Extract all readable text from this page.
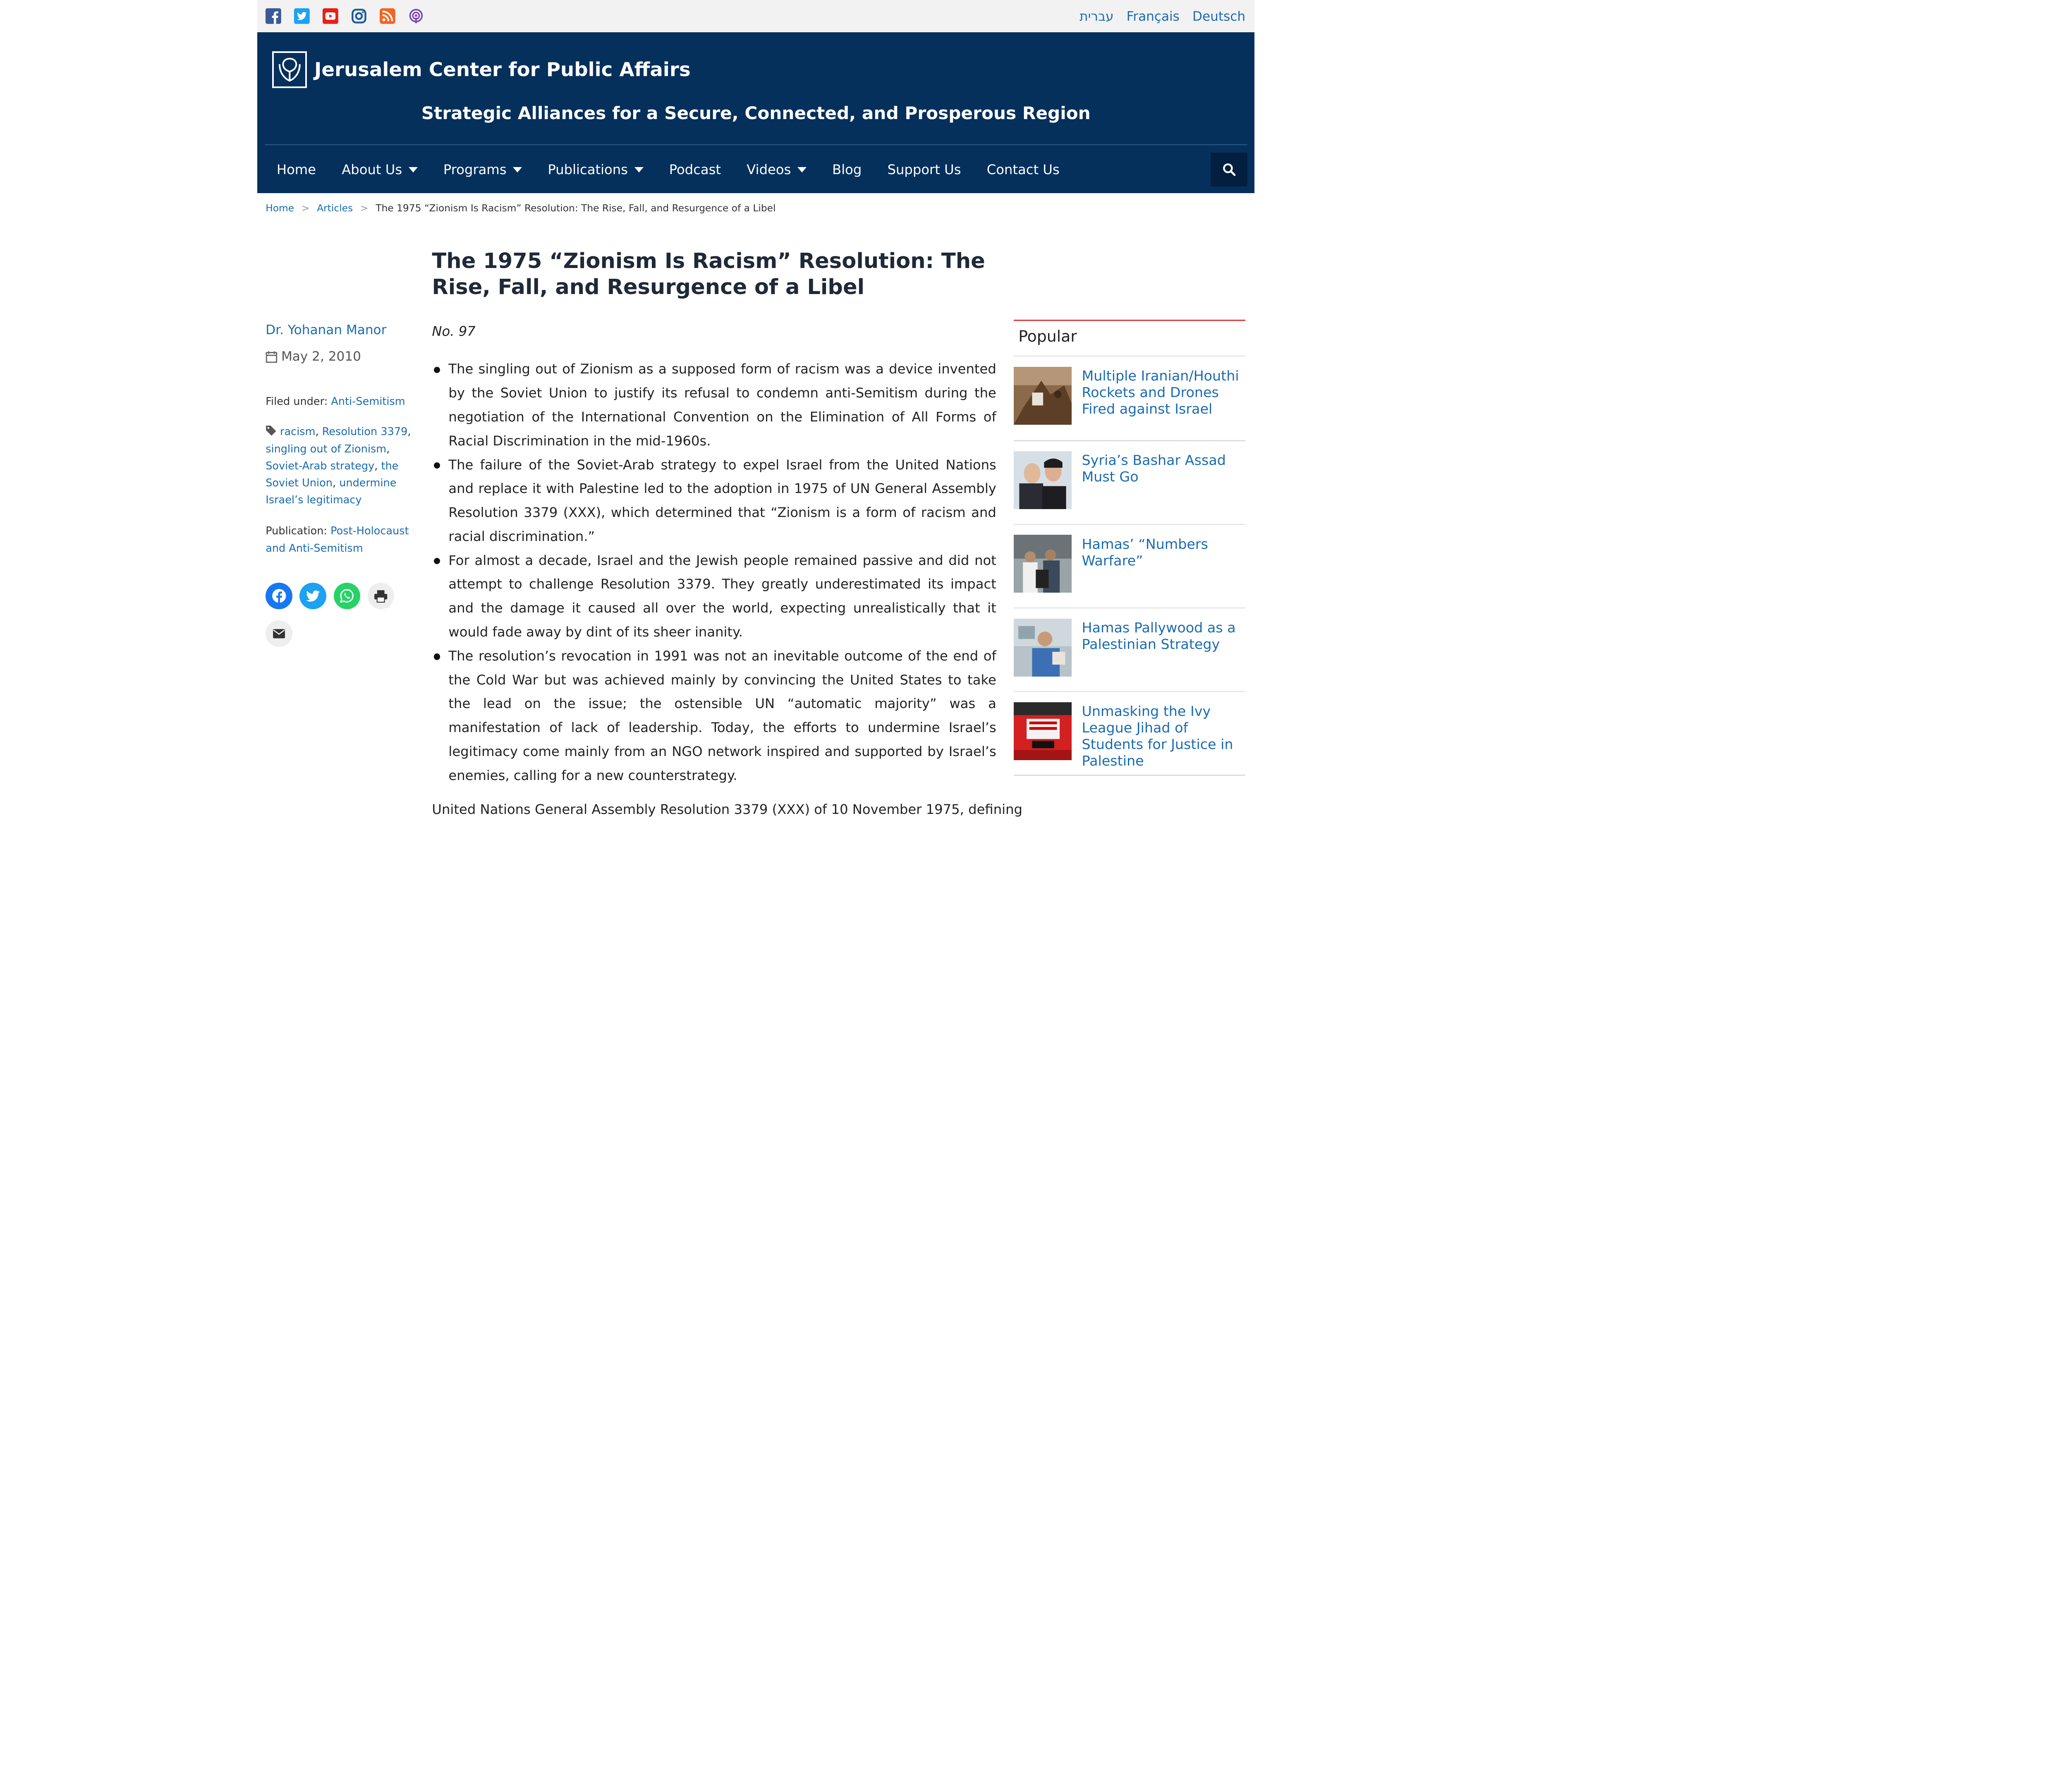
עברית Français Deutsch
Jerusalem Center for Public Affairs
Strategic Alliances for a Secure, Connected, and Prosperous Region
Home	About Us	Programs	Publications	Podcast	Videos	Blog	Support Us	Contact Us
Home > Articles > The 1975 “Zionism Is Racism” Resolution: The Rise, Fall, and Resurgence of a Libel
The 1975 “Zionism Is Racism” Resolution: The Rise, Fall, and Resurgence of a Libel
Dr. Yohanan Manor
May 2, 2010
Filed under: Anti-Semitism
racism, Resolution 3379, singling out of Zionism, Soviet-Arab strategy, the Soviet Union, undermine Israel’s legitimacy
Publication: Post-Holocaust and Anti-Semitism
No. 97
The singling out of Zionism as a supposed form of racism was a device invented by the Soviet Union to justify its refusal to condemn anti-Semitism during the negotiation of the International Convention on the Elimination of All Forms of Racial Discrimination in the mid-1960s.
The failure of the Soviet-Arab strategy to expel Israel from the United Nations and replace it with Palestine led to the adoption in 1975 of UN General Assembly Resolution 3379 (XXX), which determined that “Zionism is a form of racism and racial discrimination.”
For almost a decade, Israel and the Jewish people remained passive and did not attempt to challenge Resolution 3379. They greatly underestimated its impact and the damage it caused all over the world, expecting unrealistically that it would fade away by dint of its sheer inanity.
The resolution’s revocation in 1991 was not an inevitable outcome of the end of the Cold War but was achieved mainly by convincing the United States to take the lead on the issue; the ostensible UN “automatic majority” was a manifestation of lack of leadership. Today, the efforts to undermine Israel’s legitimacy come mainly from an NGO network inspired and supported by Israel’s enemies, calling for a new counterstrategy.
United Nations General Assembly Resolution 3379 (XXX) of 10 November 1975, defining
Popular
Multiple Iranian/Houthi Rockets and Drones Fired against Israel
Syria’s Bashar Assad Must Go
Hamas’ “Numbers Warfare”
Hamas Pallywood as a Palestinian Strategy
Unmasking the Ivy League Jihad of Students for Justice in Palestine
